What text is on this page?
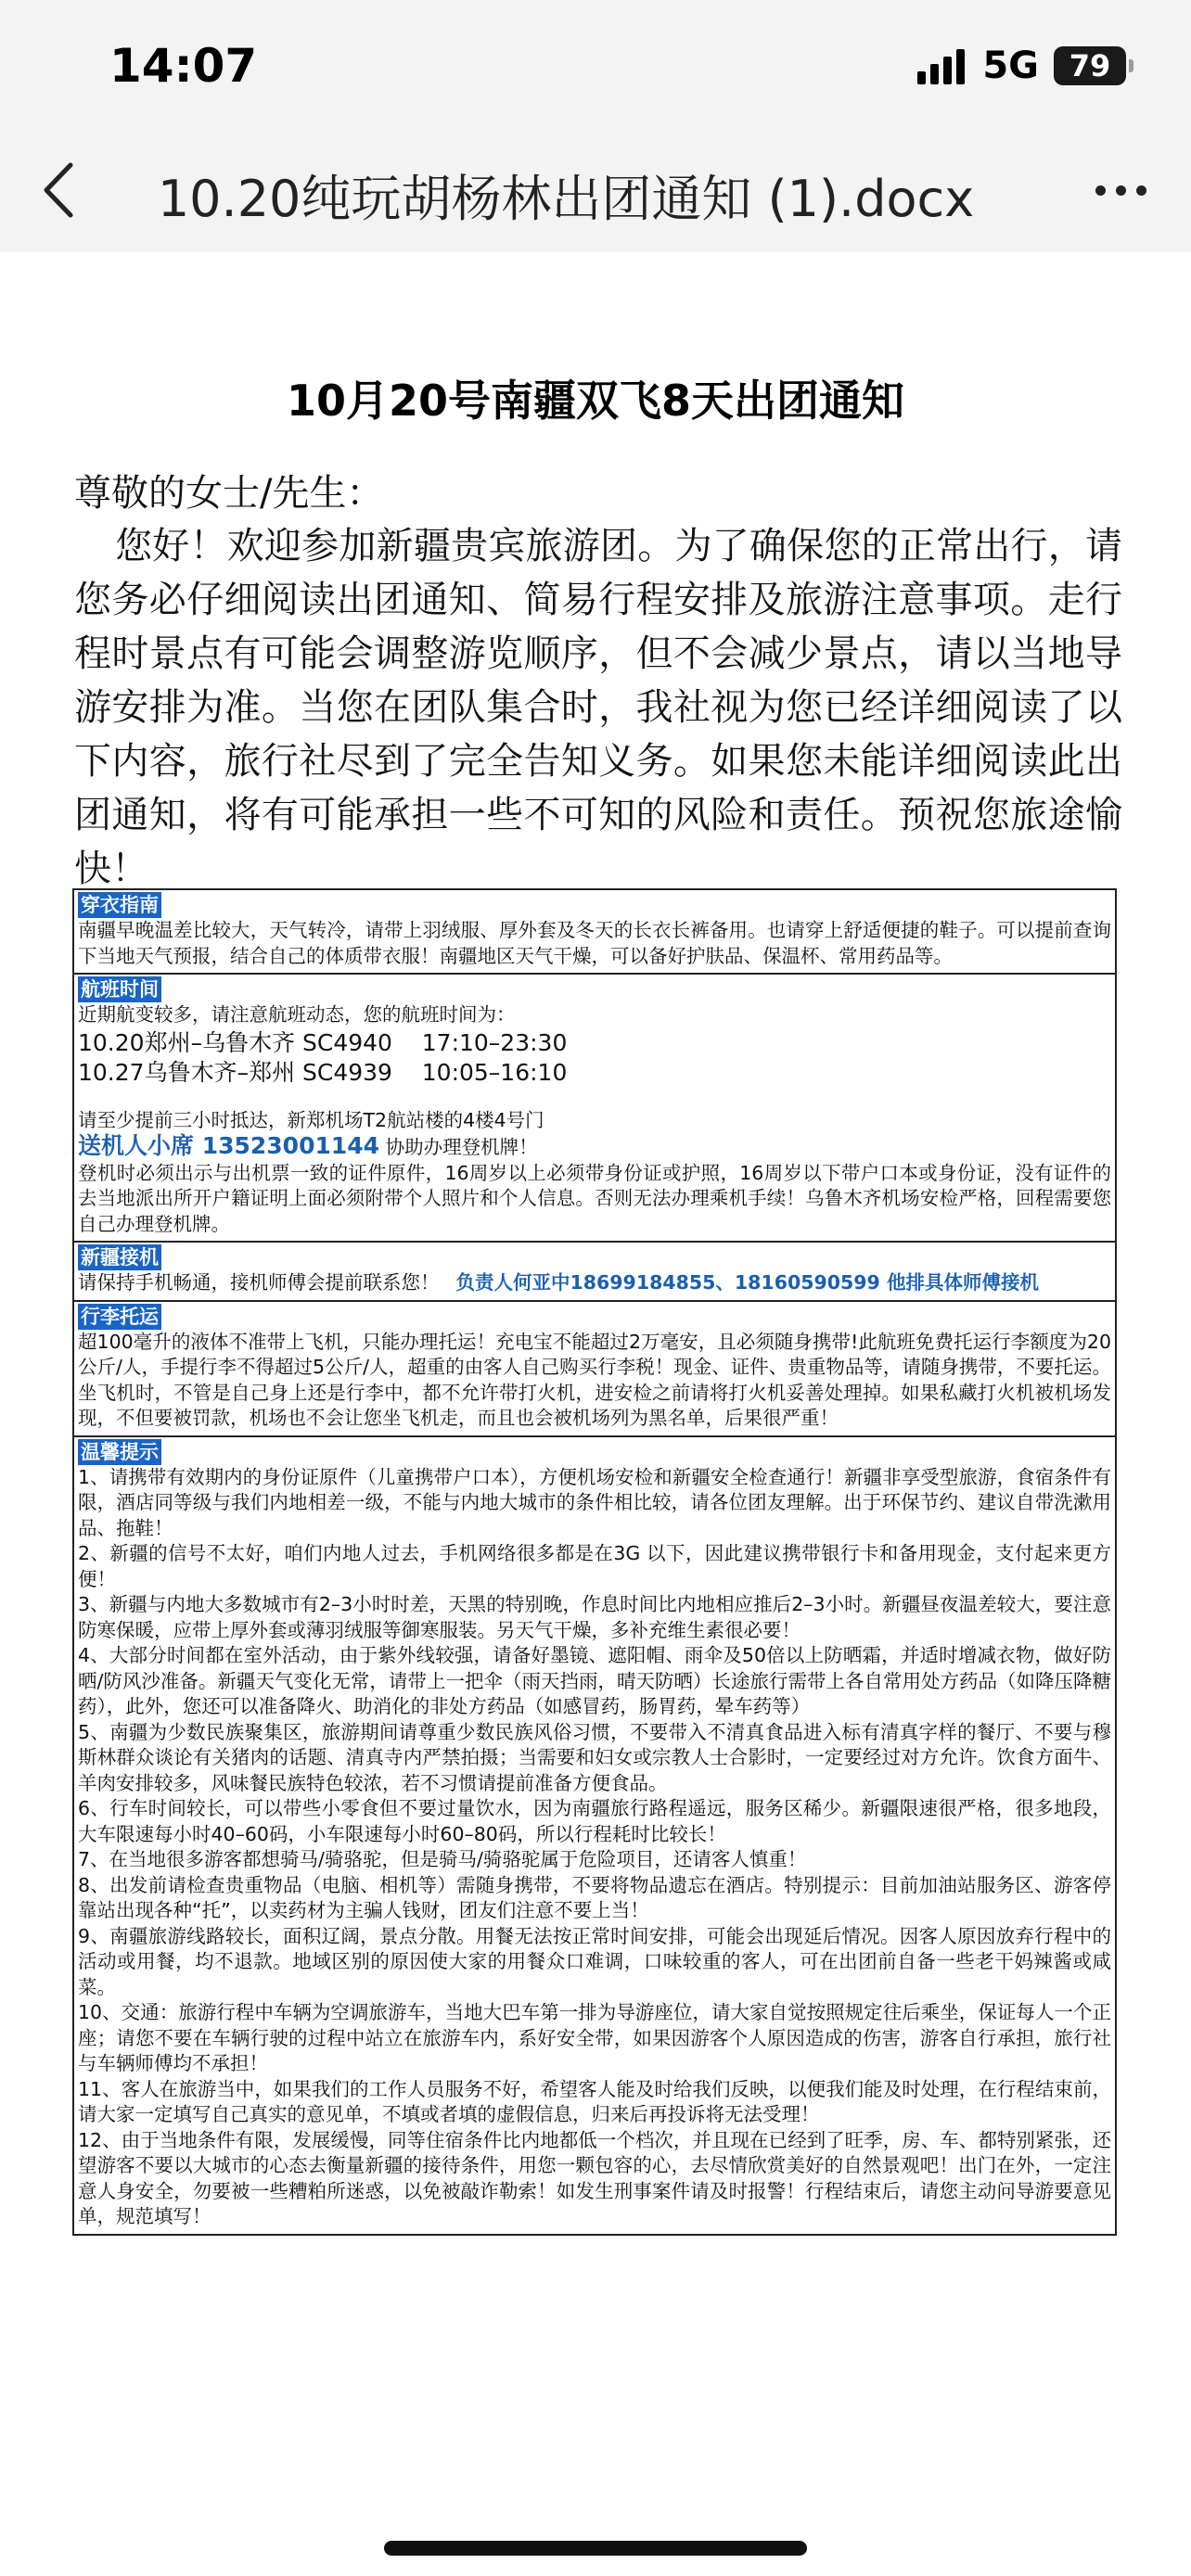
14:07	5G 79
10.20纯玩胡杨林出团通知 (1).docx
10月20号南疆双飞8天出团通知
尊敬的女士/先生：
您好！欢迎参加新疆贵宾旅游团。为了确保您的正常出行，请您务必仔细阅读出团通知、简易行程安排及旅游注意事项。走行程时景点有可能会调整游览顺序，但不会减少景点，请以当地导游安排为准。当您在团队集合时，我社视为您已经详细阅读了以下内容，旅行社尽到了完全告知义务。如果您未能详细阅读此出团通知，将有可能承担一些不可知的风险和责任。预祝您旅途愉快！
穿衣指南

南疆早晚温差比较大，天气转冷，请带上羽绒服、厚外套及冬天的长衣长裤备用。也请穿上舒适便捷的鞋子。可以提前查询下当地天气预报，结合自己的体质带衣服！南疆地区天气干燥，可以备好护肤品、保温杯、常用药品等。

航班时间

近期航变较多，请注意航班动态，您的航班时间为：

10.20郑州–乌鲁木齐 SC4940    17:10–23:30

10.27乌鲁木齐–郑州 SC4939    10:05–16:10

请至少提前三小时抵达，新郑机场T2航站楼的4楼4号门

送机人小席 13523001144 协助办理登机牌！

登机时必须出示与出机票一致的证件原件，16周岁以上必须带身份证或护照，16周岁以下带户口本或身份证，没有证件的去当地派出所开户籍证明上面必须附带个人照片和个人信息。否则无法办理乘机手续！乌鲁木齐机场安检严格，回程需要您自己办理登机牌。

新疆接机

请保持手机畅通，接机师傅会提前联系您！ 负责人何亚中18699184855、18160590599 他排具体师傅接机

行李托运

超100毫升的液体不准带上飞机，只能办理托运！充电宝不能超过2万毫安，且必须随身携带!此航班免费托运行李额度为20公斤/人，手提行李不得超过5公斤/人，超重的由客人自己购买行李税！现金、证件、贵重物品等，请随身携带，不要托运。坐飞机时，不管是自己身上还是行李中，都不允许带打火机，进安检之前请将打火机妥善处理掉。如果私藏打火机被机场发现，不但要被罚款，机场也不会让您坐飞机走，而且也会被机场列为黑名单，后果很严重！

温馨提示

1、请携带有效期内的身份证原件（儿童携带户口本），方便机场安检和新疆安全检查通行！新疆非享受型旅游，食宿条件有限，酒店同等级与我们内地相差一级，不能与内地大城市的条件相比较，请各位团友理解。出于环保节约、建议自带洗漱用品、拖鞋！

2、新疆的信号不太好，咱们内地人过去，手机网络很多都是在3G 以下，因此建议携带银行卡和备用现金，支付起来更方便！

3、新疆与内地大多数城市有2–3小时时差，天黑的特别晚，作息时间比内地相应推后2–3小时。新疆昼夜温差较大，要注意防寒保暖，应带上厚外套或薄羽绒服等御寒服装。另天气干燥，多补充维生素很必要！

4、大部分时间都在室外活动，由于紫外线较强，请备好墨镜、遮阳帽、雨伞及50倍以上防晒霜，并适时增减衣物，做好防晒/防风沙准备。新疆天气变化无常，请带上一把伞（雨天挡雨，晴天防晒）长途旅行需带上各自常用处方药品（如降压降糖药），此外，您还可以准备降火、助消化的非处方药品（如感冒药，肠胃药，晕车药等）

5、南疆为少数民族聚集区，旅游期间请尊重少数民族风俗习惯，不要带入不清真食品进入标有清真字样的餐厅、不要与穆斯林群众谈论有关猪肉的话题、清真寺内严禁拍摄；当需要和妇女或宗教人士合影时，一定要经过对方允许。饮食方面牛、羊肉安排较多，风味餐民族特色较浓，若不习惯请提前准备方便食品。

6、行车时间较长，可以带些小零食但不要过量饮水，因为南疆旅行路程遥远，服务区稀少。新疆限速很严格，很多地段，大车限速每小时40–60码，小车限速每小时60–80码，所以行程耗时比较长！

7、在当地很多游客都想骑马/骑骆驼，但是骑马/骑骆驼属于危险项目，还请客人慎重！

8、出发前请检查贵重物品（电脑、相机等）需随身携带，不要将物品遗忘在酒店。特别提示：目前加油站服务区、游客停靠站出现各种“托”，以卖药材为主骗人钱财，团友们注意不要上当！

9、南疆旅游线路较长，面积辽阔，景点分散。用餐无法按正常时间安排，可能会出现延后情况。因客人原因放弃行程中的活动或用餐，均不退款。地域区别的原因使大家的用餐众口难调，口味较重的客人，可在出团前自备一些老干妈辣酱或咸菜。

10、交通：旅游行程中车辆为空调旅游车，当地大巴车第一排为导游座位，请大家自觉按照规定往后乘坐，保证每人一个正座；请您不要在车辆行驶的过程中站立在旅游车内，系好安全带，如果因游客个人原因造成的伤害，游客自行承担，旅行社与车辆师傅均不承担！

11、客人在旅游当中，如果我们的工作人员服务不好，希望客人能及时给我们反映，以便我们能及时处理，在行程结束前，请大家一定填写自己真实的意见单，不填或者填的虚假信息，归来后再投诉将无法受理！

12、由于当地条件有限，发展缓慢，同等住宿条件比内地都低一个档次，并且现在已经到了旺季，房、车、都特别紧张，还望游客不要以大城市的心态去衡量新疆的接待条件，用您一颗包容的心，去尽情欣赏美好的自然景观吧！出门在外，一定注意人身安全，勿要被一些糟粕所迷惑，以免被敲诈勒索！如发生刑事案件请及时报警！行程结束后，请您主动问导游要意见单，规范填写！
